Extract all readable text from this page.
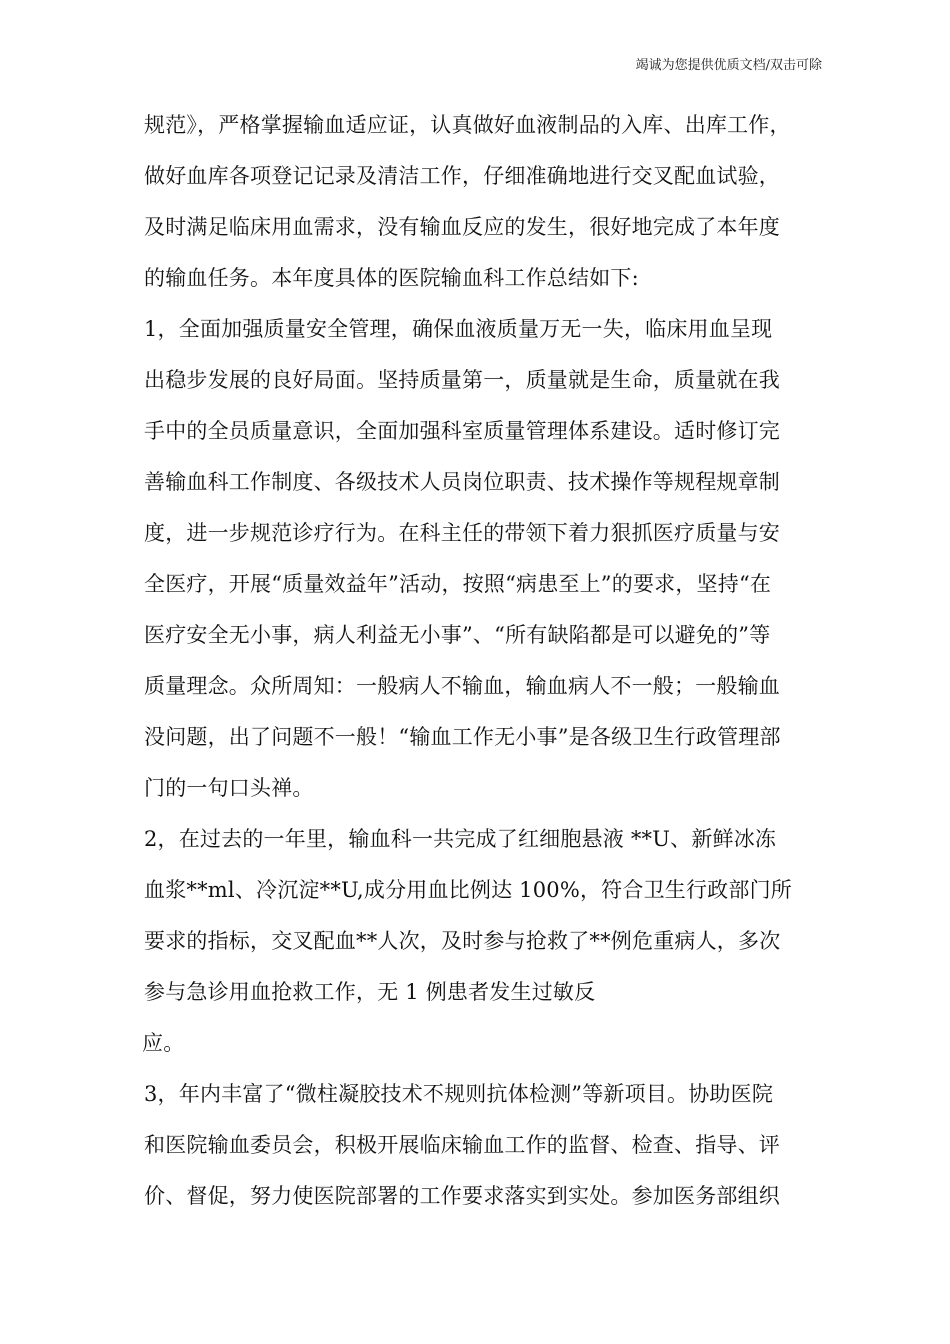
竭诚为您提供优质文档/双击可除
规范》，严格掌握输血适应证，认真做好血液制品的入库、出库工作，
做好血库各项登记记录及清洁工作，仔细准确地进行交叉配血试验，
及时满足临床用血需求，没有输血反应的发生，很好地完成了本年度
的输血任务。本年度具体的医院输血科工作总结如下:
1，全面加强质量安全管理，确保血液质量万无一失，临床用血呈现
出稳步发展的良好局面。坚持质量第一，质量就是生命，质量就在我
手中的全员质量意识，全面加强科室质量管理体系建设。适时修订完
善输血科工作制度、各级技术人员岗位职责、技术操作等规程规章制
度，进一步规范诊疗行为。在科主任的带领下着力狠抓医疗质量与安
全医疗，开展“质量效益年”活动，按照“病患至上”的要求，坚持“在
医疗安全无小事，病人利益无小事”、“所有缺陷都是可以避免的”等
质量理念。众所周知：一般病人不输血，输血病人不一般；一般输血
没问题，出了问题不一般！“输血工作无小事”是各级卫生行政管理部
门的一句口头禅。
2，在过去的一年里，输血科一共完成了红细胞悬液 **U、新鲜冰冻
血浆**ml、冷沉淀**U,成分用血比例达 100%，符合卫生行政部门所
要求的指标，交叉配血**人次，及时参与抢救了**例危重病人，多次
参与急诊用血抢救工作，无 1 例患者发生过敏反
应。
3，年内丰富了“微柱凝胶技术不规则抗体检测”等新项目。协助医院
和医院输血委员会，积极开展临床输血工作的监督、检查、指导、评
价、督促，努力使医院部署的工作要求落实到实处。参加医务部组织
